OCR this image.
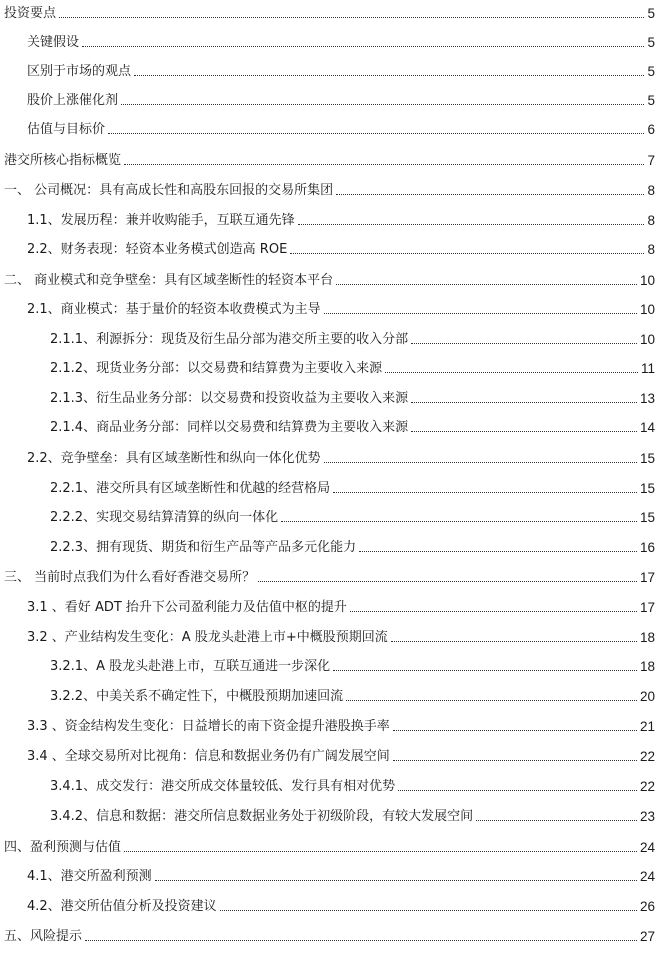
投资要点	5
关键假设	5
区别于市场的观点	5
股价上涨催化剂	5
估值与目标价	6
港交所核心指标概览	7
一、 公司概况：具有高成长性和高股东回报的交易所集团	8
1.1、发展历程：兼并收购能手，互联互通先锋	8
2.2、财务表现：轻资本业务模式创造高 ROE	8
二、 商业模式和竞争壁垒：具有区域垄断性的轻资本平台	10
2.1、商业模式：基于量价的轻资本收费模式为主导	10
2.1.1、利源拆分：现货及衍生品分部为港交所主要的收入分部	10
2.1.2、现货业务分部：以交易费和结算费为主要收入来源	11
2.1.3、衍生品业务分部：以交易费和投资收益为主要收入来源	13
2.1.4、商品业务分部：同样以交易费和结算费为主要收入来源	14
2.2、竞争壁垒：具有区域垄断性和纵向一体化优势	15
2.2.1、港交所具有区域垄断性和优越的经营格局	15
2.2.2、实现交易结算清算的纵向一体化	15
2.2.3、拥有现货、期货和衍生产品等产品多元化能力	16
三、 当前时点我们为什么看好香港交易所？	17
3.1 、看好 ADT 抬升下公司盈利能力及估值中枢的提升	17
3.2 、产业结构发生变化：A 股龙头赴港上市+中概股预期回流	18
3.2.1、A 股龙头赴港上市，互联互通进一步深化	18
3.2.2、中美关系不确定性下，中概股预期加速回流	20
3.3 、资金结构发生变化：日益增长的南下资金提升港股换手率	21
3.4 、全球交易所对比视角：信息和数据业务仍有广阔发展空间	22
3.4.1、成交发行：港交所成交体量较低、发行具有相对优势	22
3.4.2、信息和数据：港交所信息数据业务处于初级阶段，有较大发展空间	23
四、盈利预测与估值	24
4.1、港交所盈利预测	24
4.2、港交所估值分析及投资建议	26
五、风险提示	27
